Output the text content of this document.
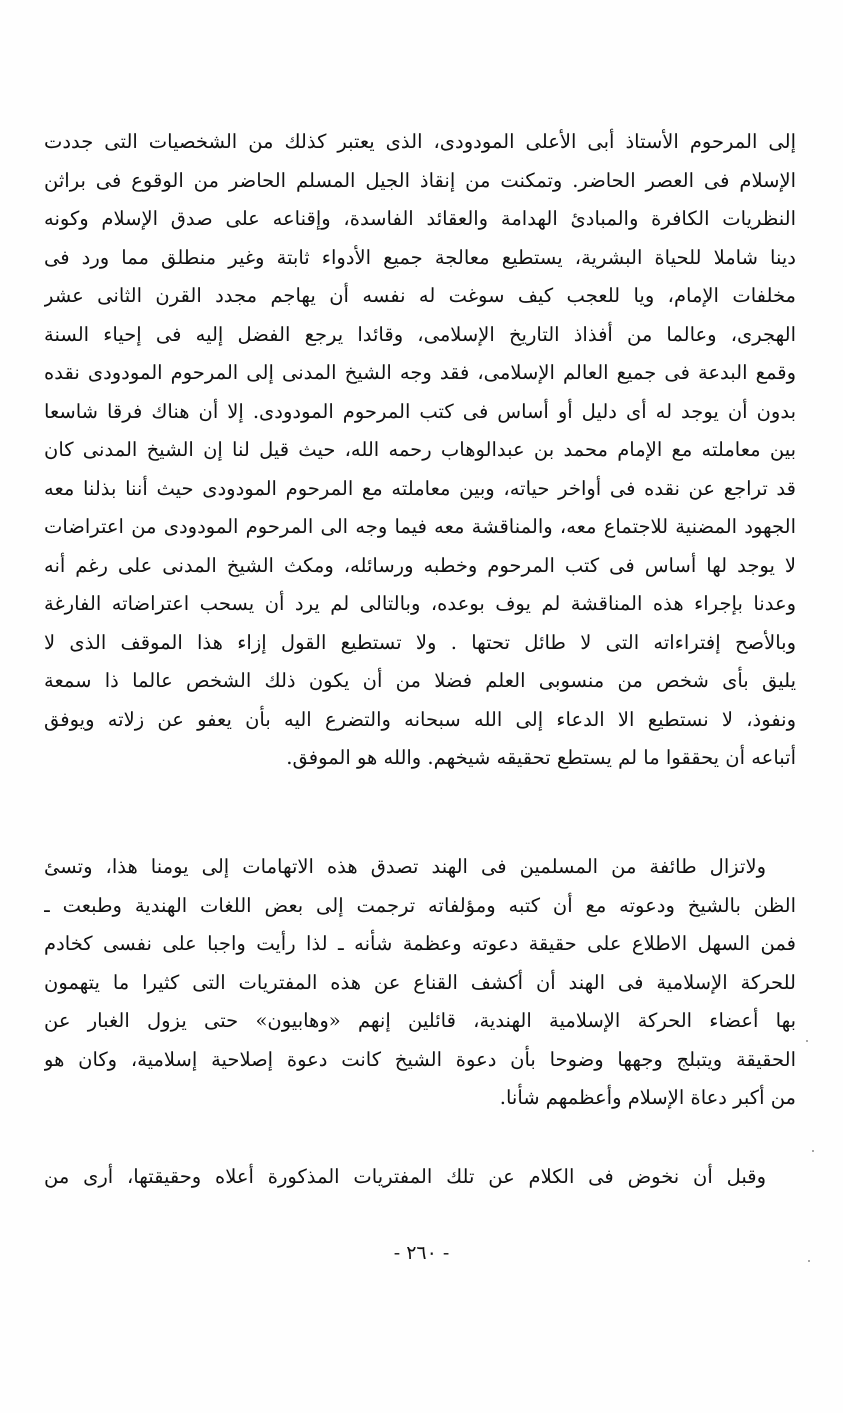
إلى المرحوم الأستاذ أبى الأعلى المودودى، الذى يعتبر كذلك من الشخصيات التى جددت
الإسلام فى العصر الحاضر. وتمكنت من إنقاذ الجيل المسلم الحاضر من الوقوع فى براثن
النظريات الكافرة والمبادئ الهدامة والعقائد الفاسدة، وإقناعه على صدق الإسلام وكونه
دينا شاملا للحياة البشرية، يستطيع معالجة جميع الأدواء ثابتة وغير منطلق مما ورد فى
مخلفات الإمام، ويا للعجب كيف سوغت له نفسه أن يهاجم مجدد القرن الثانى عشر
الهجرى، وعالما من أفذاذ التاريخ الإسلامى، وقائدا يرجع الفضل إليه فى إحياء السنة
وقمع البدعة فى جميع العالم الإسلامى، فقد وجه الشيخ المدنى إلى المرحوم المودودى نقده
بدون أن يوجد له أى دليل أو أساس فى كتب المرحوم المودودى. إلا أن هناك فرقا شاسعا
بين معاملته مع الإمام محمد بن عبدالوهاب رحمه الله، حيث قيل لنا إن الشيخ المدنى كان
قد تراجع عن نقده فى أواخر حياته، وبين معاملته مع المرحوم المودودى حيث أننا بذلنا معه
الجهود المضنية للاجتماع معه، والمناقشة معه فيما وجه الى المرحوم المودودى من اعتراضات
لا يوجد لها أساس فى كتب المرحوم وخطبه ورسائله، ومكث الشيخ المدنى على رغم أنه
وعدنا بإجراء هذه المناقشة لم يوف بوعده، وبالتالى لم يرد أن يسحب اعتراضاته الفارغة
وبالأصح إفتراءاته التى لا طائل تحتها . ولا تستطيع القول إزاء هذا الموقف الذى لا
يليق بأى شخص من منسوبى العلم فضلا من أن يكون ذلك الشخص عالما ذا سمعة
ونفوذ، لا نستطيع الا الدعاء إلى الله سبحانه والتضرع اليه بأن يعفو عن زلاته ويوفق
أتباعه أن يحققوا ما لم يستطع تحقيقه شيخهم. والله هو الموفق.
ولاتزال طائفة من المسلمين فى الهند تصدق هذه الاتهامات إلى يومنا هذا، وتسئ
الظن بالشيخ ودعوته مع أن كتبه ومؤلفاته ترجمت إلى بعض اللغات الهندية وطبعت ـ
فمن السهل الاطلاع على حقيقة دعوته وعظمة شأنه ـ لذا رأيت واجبا على نفسى كخادم
للحركة الإسلامية فى الهند أن أكشف القناع عن هذه المفتريات التى كثيرا ما يتهمون
بها أعضاء الحركة الإسلامية الهندية، قائلين إنهم «وهابيون» حتى يزول الغبار عن
الحقيقة ويتبلج وجهها وضوحا بأن دعوة الشيخ كانت دعوة إصلاحية إسلامية، وكان هو
من أكبر دعاة الإسلام وأعظمهم شأنا.
وقبل أن نخوض فى الكلام عن تلك المفتريات المذكورة أعلاه وحقيقتها، أرى من
- ٢٦٠ -
